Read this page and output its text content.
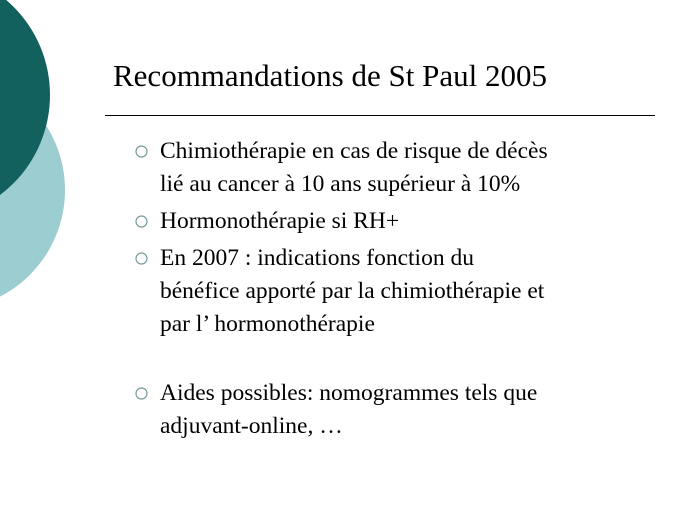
Recommandations de St Paul 2005
Chimiothérapie en cas de risque de décès
lié au cancer à 10 ans supérieur à 10%
Hormonothérapie si RH+
En 2007 : indications fonction du
bénéfice apporté par la chimiothérapie et
par l’ hormonothérapie
Aides possibles: nomogrammes tels que
adjuvant-online, …
